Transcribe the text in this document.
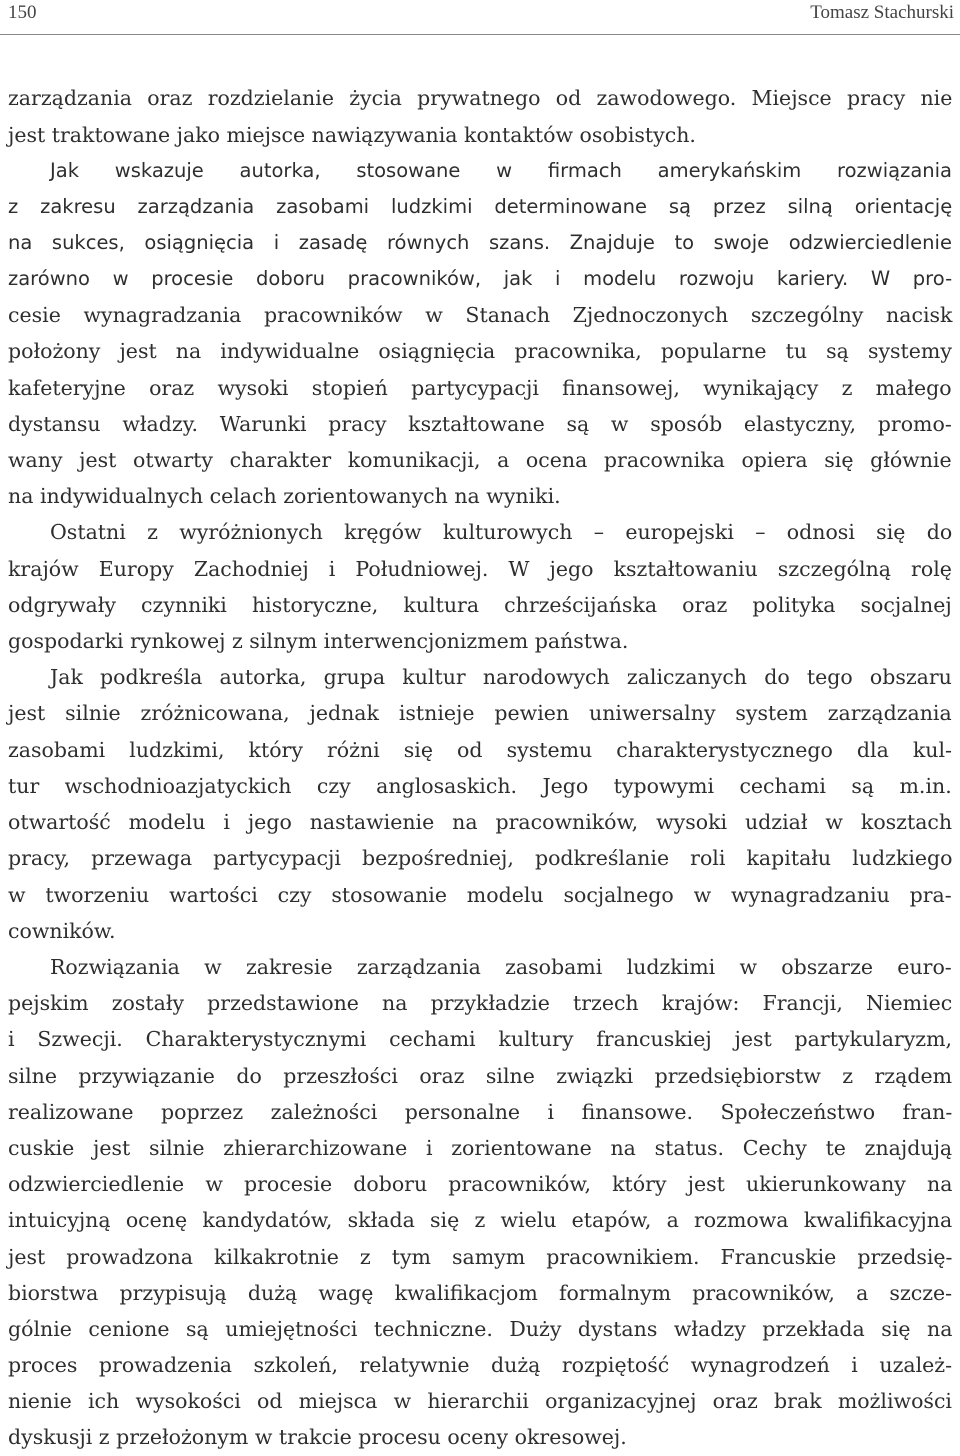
150	Tomasz Stachurski
zarządzania oraz rozdzielanie życia prywatnego od zawodowego. Miejsce pracy nie
jest traktowane jako miejsce nawiązywania kontaktów osobistych.
Jak wskazuje autorka, stosowane w firmach amerykańskim rozwiązania
z zakresu zarządzania zasobami ludzkimi determinowane są przez silną orientację
na sukces, osiągnięcia i zasadę równych szans. Znajduje to swoje odzwierciedlenie
zarówno w procesie doboru pracowników, jak i modelu rozwoju kariery. W pro-
cesie wynagradzania pracowników w Stanach Zjednoczonych szczególny nacisk
położony jest na indywidualne osiągnięcia pracownika, popularne tu są systemy
kafeteryjne oraz wysoki stopień partycypacji finansowej, wynikający z małego
dystansu władzy. Warunki pracy kształtowane są w sposób elastyczny, promo-
wany jest otwarty charakter komunikacji, a ocena pracownika opiera się głównie
na indywidualnych celach zorientowanych na wyniki.
Ostatni z wyróżnionych kręgów kulturowych – europejski – odnosi się do
krajów Europy Zachodniej i Południowej. W jego kształtowaniu szczególną rolę
odgrywały czynniki historyczne, kultura chrześcijańska oraz polityka socjalnej
gospodarki rynkowej z silnym interwencjonizmem państwa.
Jak podkreśla autorka, grupa kultur narodowych zaliczanych do tego obszaru
jest silnie zróżnicowana, jednak istnieje pewien uniwersalny system zarządzania
zasobami ludzkimi, który różni się od systemu charakterystycznego dla kul-
tur wschodnioazjatyckich czy anglosaskich. Jego typowymi cechami są m.in.
otwartość modelu i jego nastawienie na pracowników, wysoki udział w kosztach
pracy, przewaga partycypacji bezpośredniej, podkreślanie roli kapitału ludzkiego
w tworzeniu wartości czy stosowanie modelu socjalnego w wynagradzaniu pra-
cowników.
Rozwiązania w zakresie zarządzania zasobami ludzkimi w obszarze euro-
pejskim zostały przedstawione na przykładzie trzech krajów: Francji, Niemiec
i Szwecji. Charakterystycznymi cechami kultury francuskiej jest partykularyzm,
silne przywiązanie do przeszłości oraz silne związki przedsiębiorstw z rządem
realizowane poprzez zależności personalne i finansowe. Społeczeństwo fran-
cuskie jest silnie zhierarchizowane i zorientowane na status. Cechy te znajdują
odzwierciedlenie w procesie doboru pracowników, który jest ukierunkowany na
intuicyjną ocenę kandydatów, składa się z wielu etapów, a rozmowa kwalifikacyjna
jest prowadzona kilkakrotnie z tym samym pracownikiem. Francuskie przedsię-
biorstwa przypisują dużą wagę kwalifikacjom formalnym pracowników, a szcze-
gólnie cenione są umiejętności techniczne. Duży dystans władzy przekłada się na
proces prowadzenia szkoleń, relatywnie dużą rozpiętość wynagrodzeń i uzależ-
nienie ich wysokości od miejsca w hierarchii organizacyjnej oraz brak możliwości
dyskusji z przełożonym w trakcie procesu oceny okresowej.
